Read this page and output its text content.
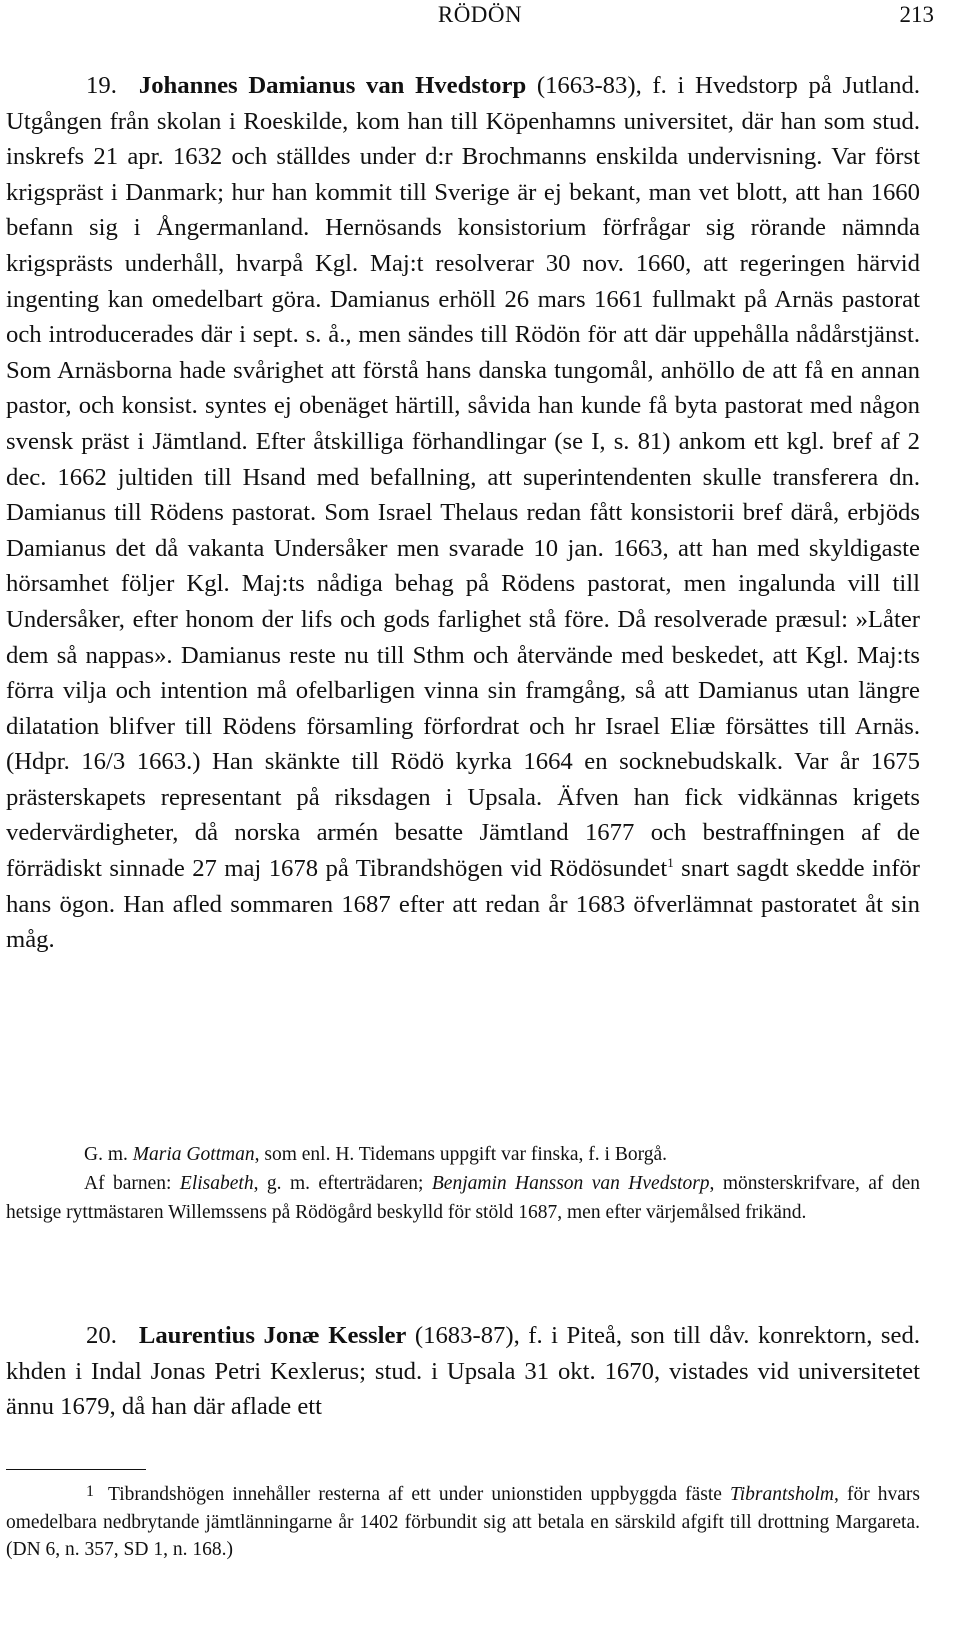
RÖDÖN	213
19. Johannes Damianus van Hvedstorp (1663-83), f. i Hvedstorp på Jutland. Utgången från skolan i Roeskilde, kom han till Köpenhamns universitet, där han som stud. inskrefs 21 apr. 1632 och ställdes under d:r Brochmanns enskilda undervisning. Var först krigspräst i Danmark; hur han kommit till Sverige är ej bekant, man vet blott, att han 1660 befann sig i Ångermanland. Hernösands konsistorium förfrågar sig rörande nämnda krigsprästs underhåll, hvarpå Kgl. Maj:t resolverar 30 nov. 1660, att regeringen härvid ingenting kan omedelbart göra. Damianus erhöll 26 mars 1661 fullmakt på Arnäs pastorat och introducerades där i sept. s. å., men sändes till Rödön för att där uppehålla nådårstjänst. Som Arnäsborna hade svårighet att förstå hans danska tungomål, anhöllo de att få en annan pastor, och konsist. syntes ej obenäget härtill, såvida han kunde få byta pastorat med någon svensk präst i Jämtland. Efter åtskilliga förhandlingar (se I, s. 81) ankom ett kgl. bref af 2 dec. 1662 jultiden till Hsand med befallning, att superintendenten skulle transferera dn. Damianus till Rödens pastorat. Som Israel Thelaus redan fått konsistorii bref därå, erbjöds Damianus det då vakanta Undersåker men svarade 10 jan. 1663, att han med skyldigaste hörsamhet följer Kgl. Maj:ts nådiga behag på Rödens pastorat, men ingalunda vill till Undersåker, efter honom der lifs och gods farlighet stå före. Då resolverade præsul: »Låter dem så nappas». Damianus reste nu till Sthm och återvände med beskedet, att Kgl. Maj:ts förra vilja och intention må ofelbarligen vinna sin framgång, så att Damianus utan längre dilatation blifver till Rödens församling förfordrat och hr Israel Eliæ försättes till Arnäs. (Hdpr. 16/3 1663.) Han skänkte till Rödö kyrka 1664 en socknebudskalk. Var år 1675 prästerskapets representant på riksdagen i Upsala. Äfven han fick vidkännas krigets vedervärdigheter, då norska armén besatte Jämtland 1677 och bestraffningen af de förrädiskt sinnade 27 maj 1678 på Tibrandshögen vid Rödösundet$^1$ snart sagdt skedde inför hans ögon. Han afled sommaren 1687 efter att redan år 1683 öfverlämnat pastoratet åt sin måg.

G. m. Maria Gottman, som enl. H. Tidemans uppgift var finska, f. i Borgå.

Af barnen: Elisabeth, g. m. efterträdaren; Benjamin Hansson van Hvedstorp, mönsterskrifvare, af den hetsige ryttmästaren Willemssens på Rödögård beskylld för stöld 1687, men efter värjemålsed frikänd.

20. Laurentius Jonæ Kessler (1683-87), f. i Piteå, son till dåv. konrektorn, sed. khden i Indal Jonas Petri Kexlerus; stud. i Upsala 31 okt. 1670, vistades vid universitetet ännu 1679, då han där aflade ett
1 Tibrandshögen innehåller resterna af ett under unionstiden uppbyggda fäste Tibrantsholm, för hvars omedelbara nedbrytande jämtlänningarne år 1402 förbundit sig att betala en särskild afgift till drottning Margareta. (DN 6, n. 357, SD 1, n. 168.)
